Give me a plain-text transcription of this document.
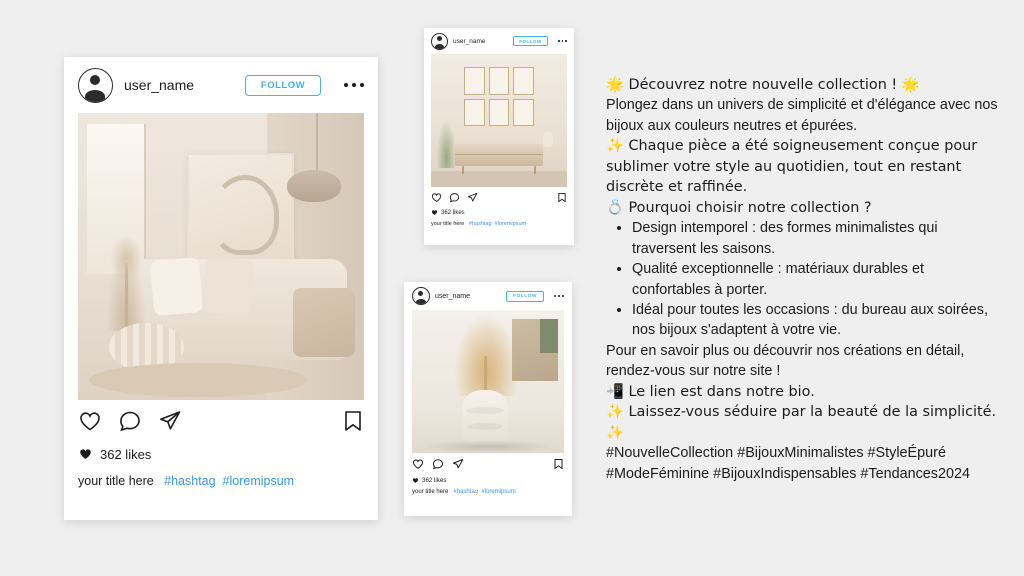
user_name	FOLLOW
362 likes
your title here #hashtag #loremipsum
user_name	FOLLOW
362 likes
your title here #hashtag #loremipsum
user_name	FOLLOW
362 likes
your title here #hashtag #loremipsum

🌟 Découvrez notre nouvelle collection ! 🌟

Plongez dans un univers de simplicité et d'élégance avec nos bijoux aux couleurs neutres et épurées.

✨ Chaque pièce a été soigneusement conçue pour sublimer votre style au quotidien, tout en restant discrète et raffinée.

💍 Pourquoi choisir notre collection ?

• Design intemporel : des formes minimalistes qui traversent les saisons.
• Qualité exceptionnelle : matériaux durables et confortables à porter.
• Idéal pour toutes les occasions : du bureau aux soirées, nos bijoux s'adaptent à votre vie.

Pour en savoir plus ou découvrir nos créations en détail, rendez-vous sur notre site !

📲 Le lien est dans notre bio.

✨ Laissez-vous séduire par la beauté de la simplicité. ✨

#NouvelleCollection #BijouxMinimalistes #StyleÉpuré

#ModeFéminine #BijouxIndispensables #Tendances2024
